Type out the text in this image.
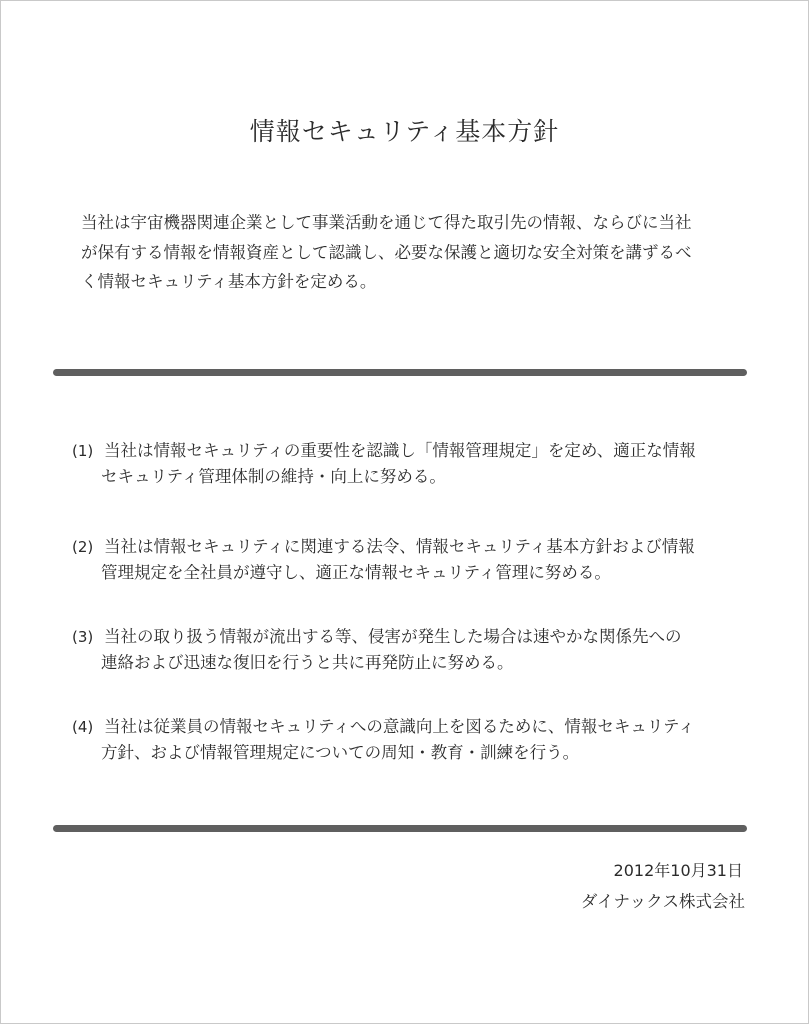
情報セキュリティ基本方針

当社は宇宙機器関連企業として事業活動を通じて得た取引先の情報、ならびに当社
が保有する情報を情報資産として認識し、必要な保護と適切な安全対策を講ずるべ
く情報セキュリティ基本方針を定める。

(1) 当社は情報セキュリティの重要性を認識し「情報管理規定」を定め、適正な情報
セキュリティ管理体制の維持・向上に努める。
(2) 当社は情報セキュリティに関連する法令、情報セキュリティ基本方針および情報
管理規定を全社員が遵守し、適正な情報セキュリティ管理に努める。
(3) 当社の取り扱う情報が流出する等、侵害が発生した場合は速やかな関係先への
連絡および迅速な復旧を行うと共に再発防止に努める。
(4) 当社は従業員の情報セキュリティへの意識向上を図るために、情報セキュリティ
方針、および情報管理規定についての周知・教育・訓練を行う。

2012年10月31日

ダイナックス株式会社
